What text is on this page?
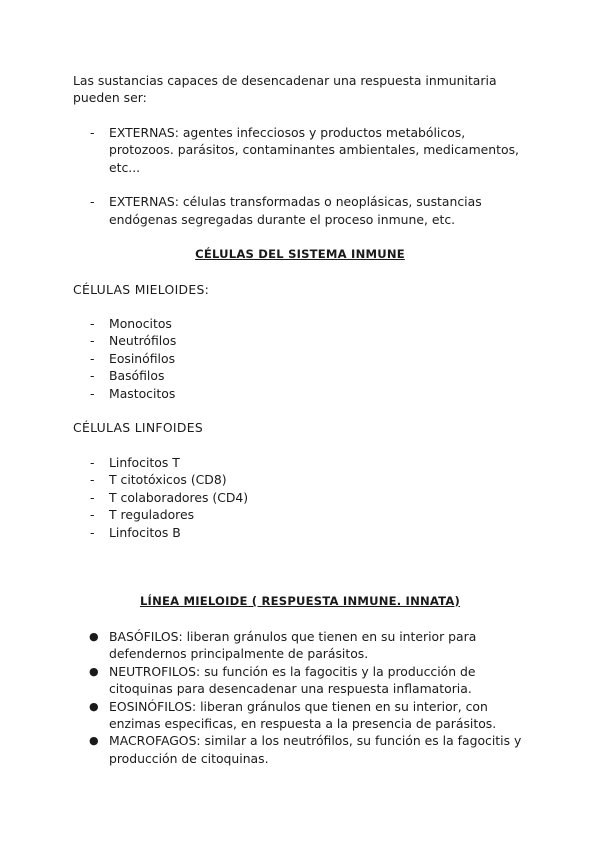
Las sustancias capaces de desencadenar una respuesta inmunitaria pueden ser:

- EXTERNAS: agentes infecciosos y productos metabólicos, protozoos. parásitos, contaminantes ambientales, medicamentos, etc...
- EXTERNAS: células transformadas o neoplásicas, sustancias endógenas segregadas durante el proceso inmune, etc.
CÉLULAS DEL SISTEMA INMUNE

CÉLULAS MIELOIDES:

- Monocitos
- Neutrófilos
- Eosinófilos
- Basófilos
- Mastocitos

CÉLULAS LINFOIDES

- Linfocitos T
- T citotóxicos (CD8)
- T colaboradores (CD4)
- T reguladores
- Linfocitos B
LÍNEA MIELOIDE ( RESPUESTA INMUNE. INNATA)
● BASÓFILOS: liberan gránulos que tienen en su interior para defendernos principalmente de parásitos.
● NEUTROFILOS: su función es la fagocitis y la producción de citoquinas para desencadenar una respuesta inflamatoria.
● EOSINÓFILOS: liberan gránulos que tienen en su interior, con enzimas especificas, en respuesta a la presencia de parásitos.
● MACROFAGOS: similar a los neutrófilos, su función es la fagocitis y producción de citoquinas.
